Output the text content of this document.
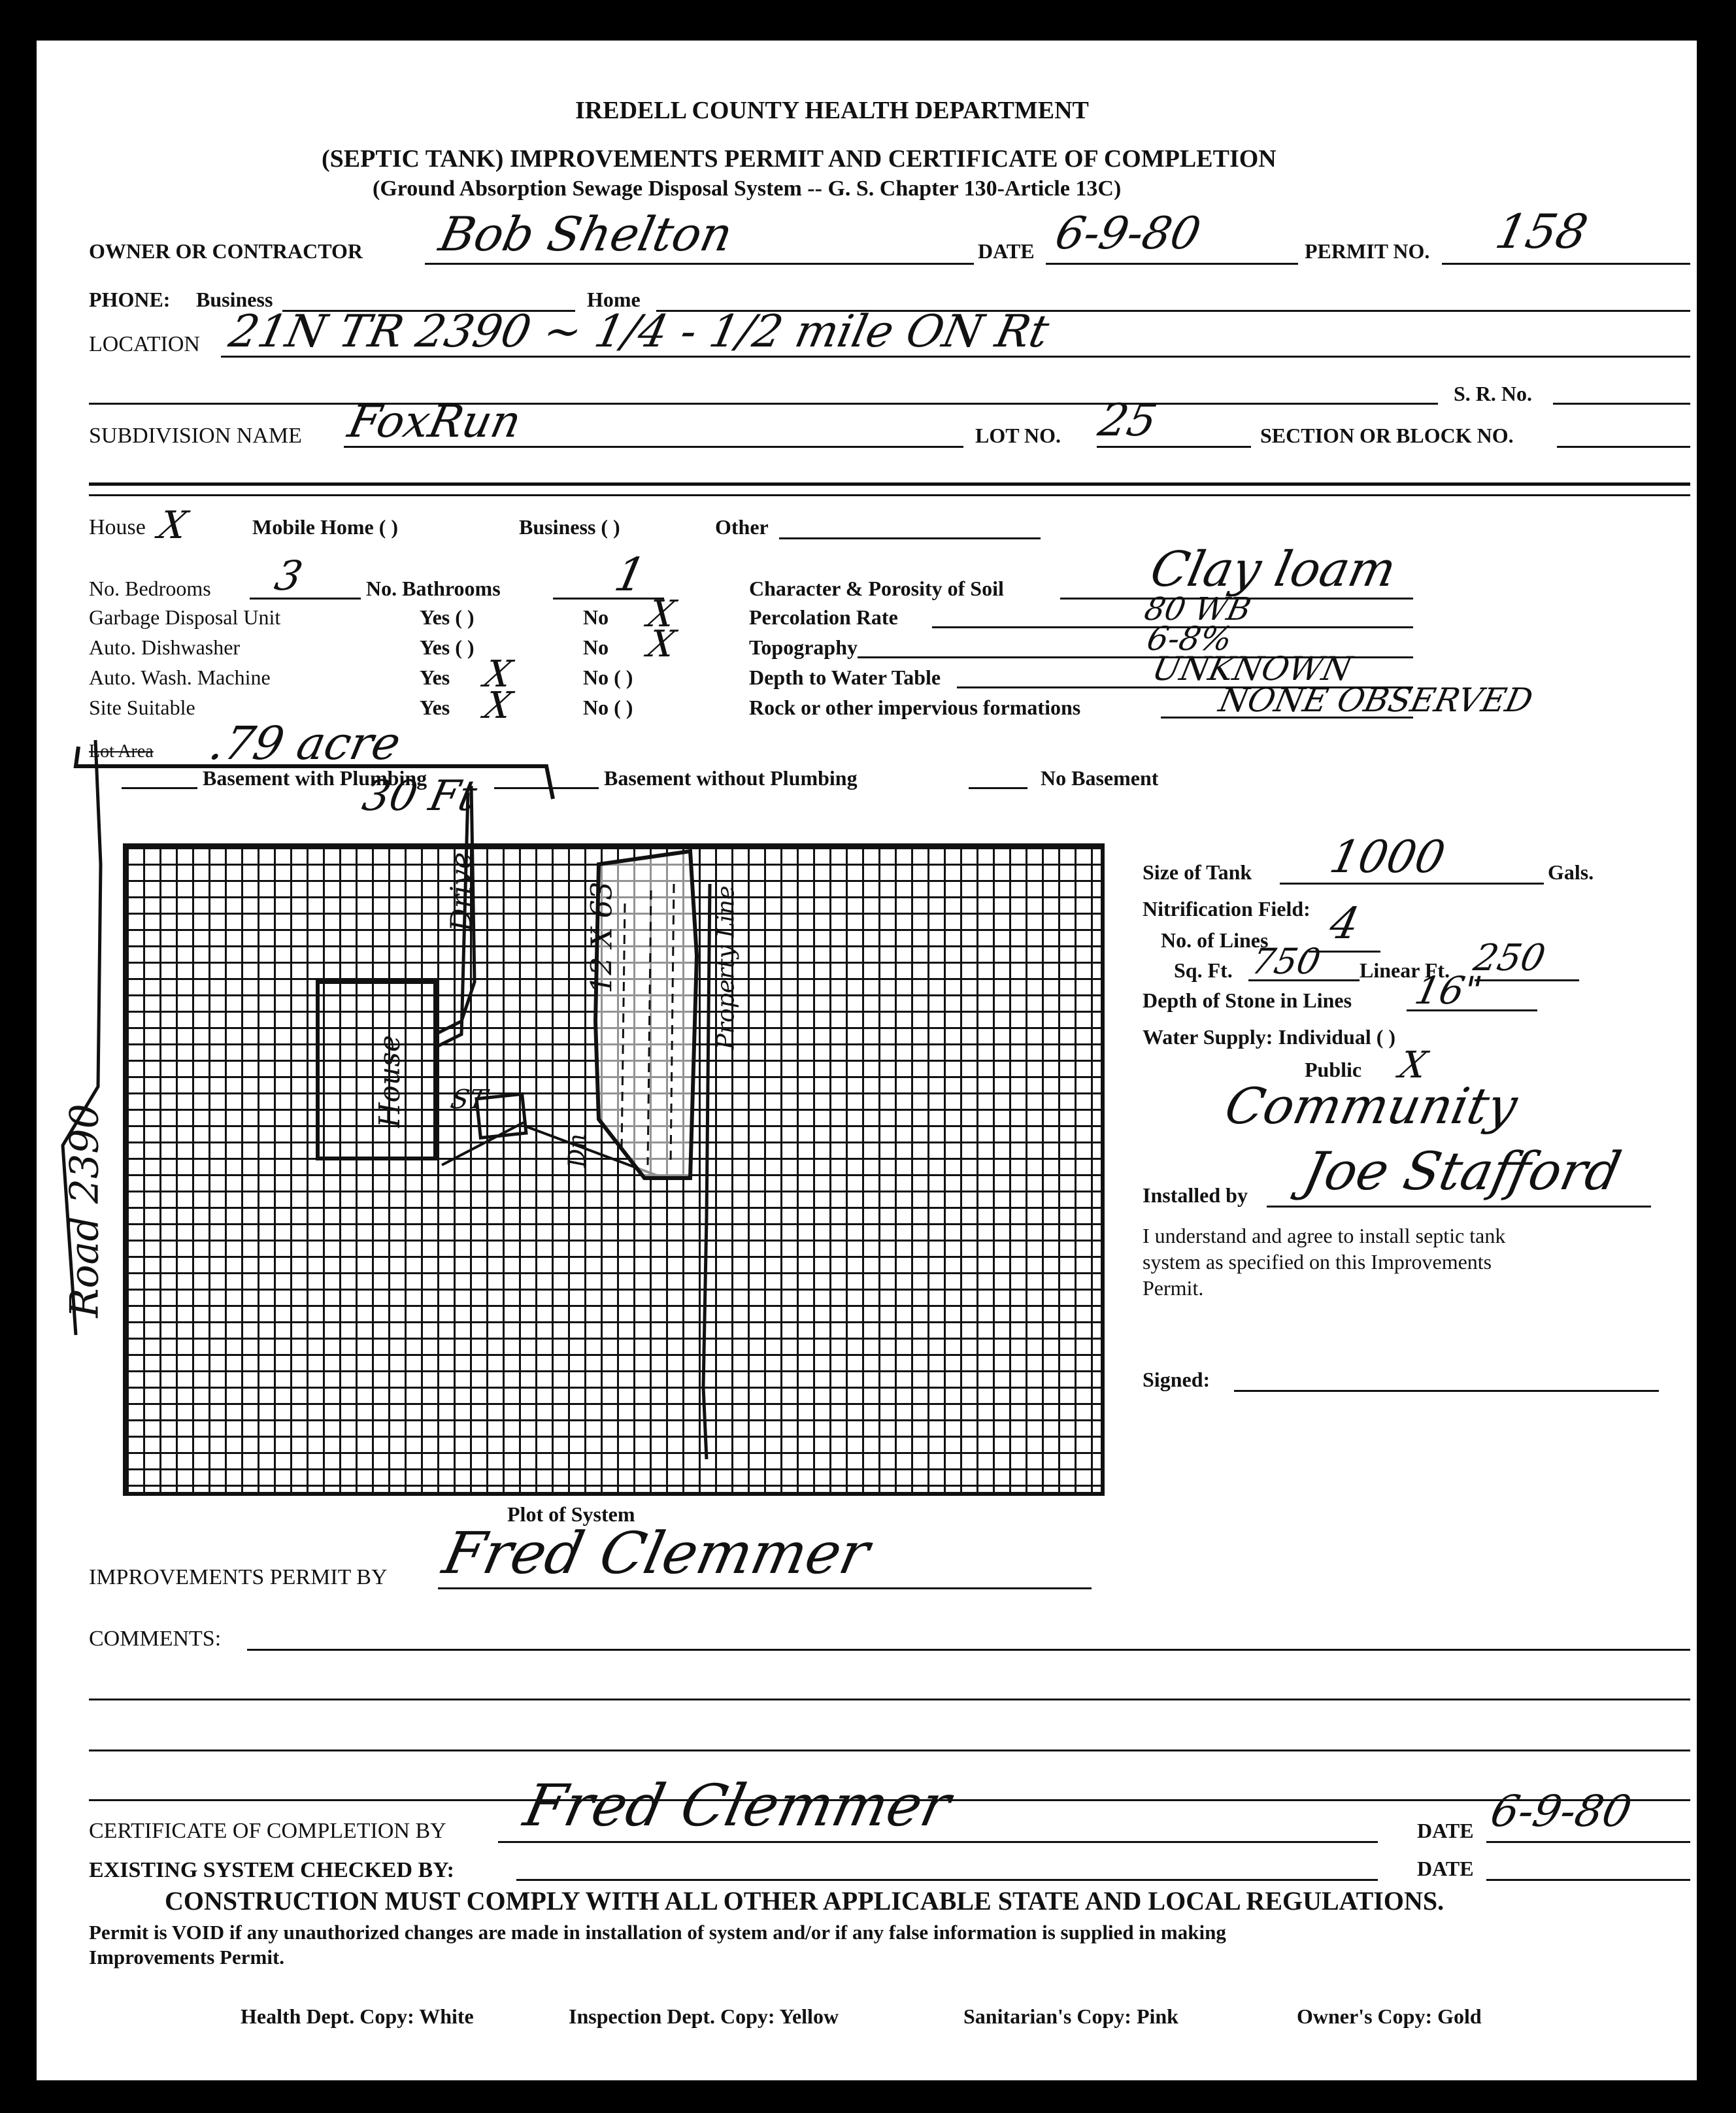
IREDELL COUNTY HEALTH DEPARTMENT
(SEPTIC TANK) IMPROVEMENTS PERMIT AND CERTIFICATE OF COMPLETION
(Ground Absorption Sewage Disposal System -- G. S. Chapter 130-Article 13C)
OWNER OR CONTRACTOR Bob Shelton	DATE 6-9-80	PERMIT NO. 158
PHONE: Business	Home
LOCATION 21N TR 2390 ~ 1/4 - 1/2 mile ON Rt
S. R. No.
SUBDIVISION NAME FoxRun	LOT NO. 25	SECTION OR BLOCK NO.
House X	Mobile Home ( )	Business ( )	Other
No. Bedrooms 3	No. Bathrooms 1
Garbage Disposal Unit	Yes ( )	No X
Auto. Dishwasher	Yes ( )	No X
Auto. Wash. Machine	Yes X	No ( )
Site Suitable	Yes X	No ( )
Character & Porosity of Soil	Clay loam
Percolation Rate	80 WB
Topography	6-8%
Depth to Water Table	UNKNOWN
Rock or other impervious formations	NONE OBSERVED
Lot Area .79 acre
Basement with Plumbing	Basement without Plumbing	No Basement
30 Ft
Road 2390
House
Drive	12 X 63	Property Line
ST
Dn
Plot of System
Size of Tank 1000	Gals.
Nitrification Field:
No. of Lines 4
Sq. Ft. 750 Linear Ft. 250
Depth of Stone in Lines 16"
Water Supply: Individual ( )
Public X
Community
Installed by Joe Stafford
I understand and agree to install septic tank
system as specified on this Improvements
Permit.
Signed:
IMPROVEMENTS PERMIT BY Fred Clemmer
COMMENTS:
CERTIFICATE OF COMPLETION BY Fred Clemmer	DATE 6-9-80
EXISTING SYSTEM CHECKED BY:	DATE
CONSTRUCTION MUST COMPLY WITH ALL OTHER APPLICABLE STATE AND LOCAL REGULATIONS.
Permit is VOID if any unauthorized changes are made in installation of system and/or if any false information is supplied in making
Improvements Permit.
Health Dept. Copy: White	Inspection Dept. Copy: Yellow	Sanitarian's Copy: Pink	Owner's Copy: Gold
